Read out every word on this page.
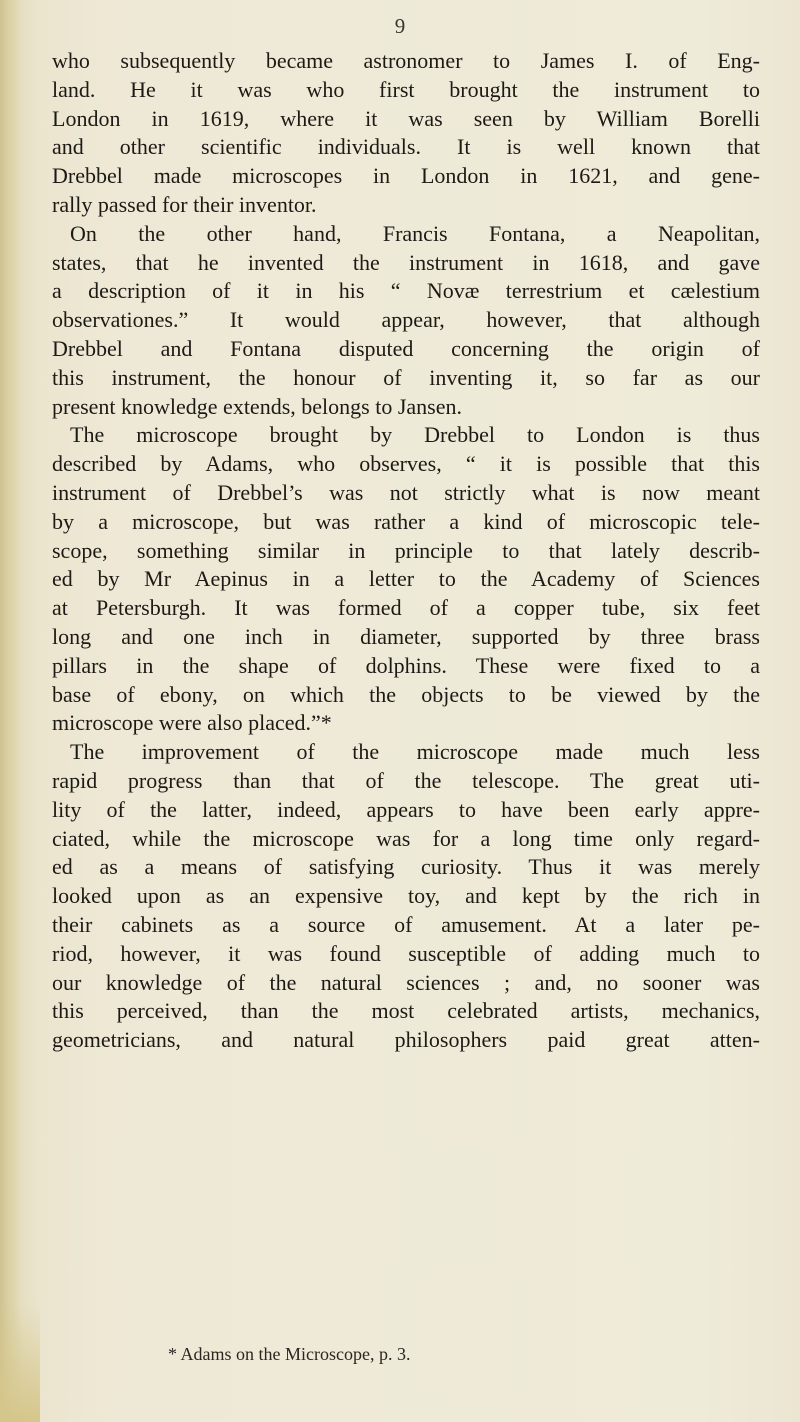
9
who subsequently became astronomer to James I. of Eng-
land. He it was who first brought the instrument to
London in 1619, where it was seen by William Borelli
and other scientific individuals. It is well known that
Drebbel made microscopes in London in 1621, and gene-
rally passed for their inventor.
On the other hand, Francis Fontana, a Neapolitan,
states, that he invented the instrument in 1618, and gave
a description of it in his “ Novæ terrestrium et cælestium
observationes.” It would appear, however, that although
Drebbel and Fontana disputed concerning the origin of
this instrument, the honour of inventing it, so far as our
present knowledge extends, belongs to Jansen.
The microscope brought by Drebbel to London is thus
described by Adams, who observes, “ it is possible that this
instrument of Drebbel’s was not strictly what is now meant
by a microscope, but was rather a kind of microscopic tele-
scope, something similar in principle to that lately describ-
ed by Mr Aepinus in a letter to the Academy of Sciences
at Petersburgh. It was formed of a copper tube, six feet
long and one inch in diameter, supported by three brass
pillars in the shape of dolphins. These were fixed to a
base of ebony, on which the objects to be viewed by the
microscope were also placed.”*
The improvement of the microscope made much less
rapid progress than that of the telescope. The great uti-
lity of the latter, indeed, appears to have been early appre-
ciated, while the microscope was for a long time only regard-
ed as a means of satisfying curiosity. Thus it was merely
looked upon as an expensive toy, and kept by the rich in
their cabinets as a source of amusement. At a later pe-
riod, however, it was found susceptible of adding much to
our knowledge of the natural sciences ; and, no sooner was
this perceived, than the most celebrated artists, mechanics,
geometricians, and natural philosophers paid great atten-
* Adams on the Microscope, p. 3.
